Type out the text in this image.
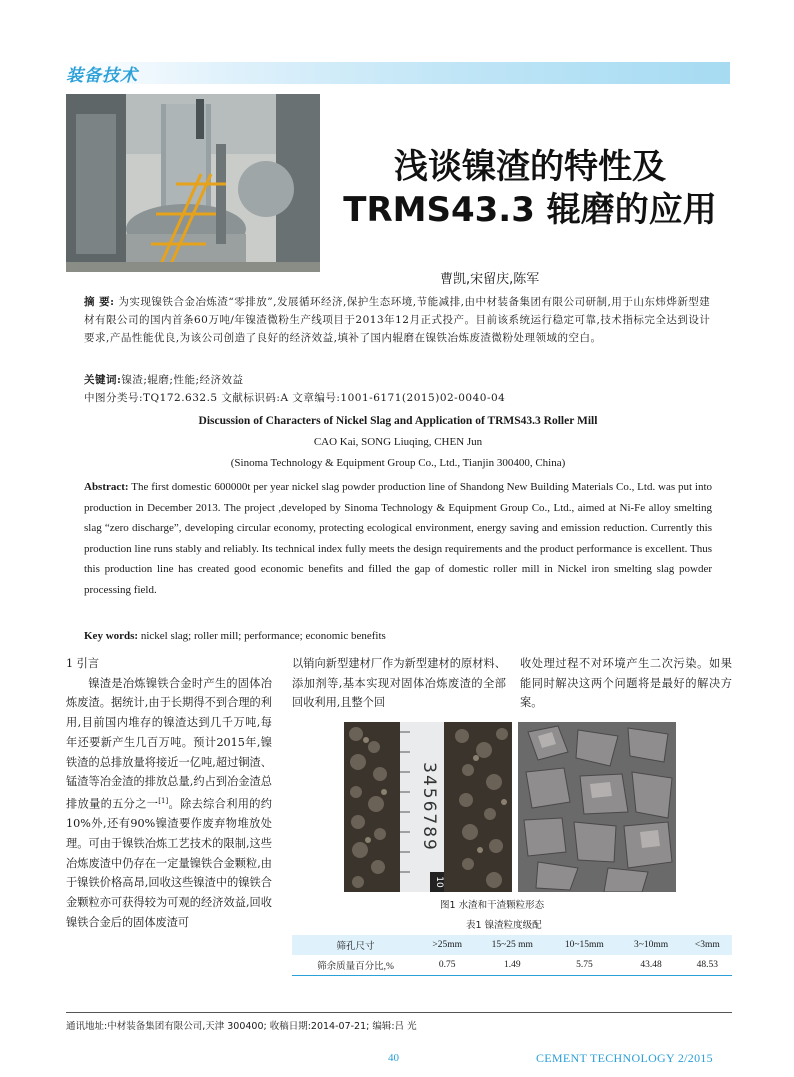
装备技术
浅谈镍渣的特性及
TRMS43.3 辊磨的应用
曹凯,宋留庆,陈军
摘 要: 为实现镍铁合金冶炼渣“零排放”,发展循环经济,保护生态环境,节能减排,由中材装备集团有限公司研制,用于山东炜烨新型建材有限公司的国内首条60万吨/年镍渣微粉生产线项目于2013年12月正式投产。目前该系统运行稳定可靠,技术指标完全达到设计要求,产品性能优良,为该公司创造了良好的经济效益,填补了国内辊磨在镍铁冶炼废渣微粉处理领域的空白。
关键词:镍渣;辊磨;性能;经济效益
中图分类号:TQ172.632.5 文献标识码:A 文章编号:1001-6171(2015)02-0040-04
Discussion of Characters of Nickel Slag and Application of TRMS43.3 Roller Mill
CAO Kai, SONG Liuqing, CHEN Jun
(Sinoma Technology & Equipment Group Co., Ltd., Tianjin 300400, China)
Abstract: The first domestic 600000t per year nickel slag powder production line of Shandong New Building Materials Co., Ltd. was put into production in December 2013. The project ,developed by Sinoma Technology & Equipment Group Co., Ltd., aimed at Ni-Fe alloy smelting slag “zero discharge”, developing circular economy, protecting ecological environment, energy saving and emission reduction. Currently this production line runs stably and reliably. Its technical index fully meets the design requirements and the product performance is excellent. Thus this production line has created good economic benefits and filled the gap of domestic roller mill in Nickel iron smelting slag powder processing field.
Key words: nickel slag; roller mill; performance; economic benefits
1 引言
镍渣是冶炼镍铁合金时产生的固体冶炼废渣。据统计,由于长期得不到合理的利用,目前国内堆存的镍渣达到几千万吨,每年还要新产生几百万吨。预计2015年,镍铁渣的总排放量将接近一亿吨,超过铜渣、锰渣等冶金渣的排放总量,约占到冶金渣总排放量的五分之一[1]。除去综合利用的约10%外,还有90%镍渣要作废弃物堆放处理。可由于镍铁冶炼工艺技术的限制,这些冶炼废渣中仍存在一定量镍铁合金颗粒,由于镍铁价格高昂,回收这些镍渣中的镍铁合金颗粒亦可获得较为可观的经济效益,回收镍铁合金后的固体废渣可
以销向新型建材厂作为新型建材的原材料、添加剂等,基本实现对固体冶炼废渣的全部回收利用,且整个回
收处理过程不对环境产生二次污染。如果能同时解决这两个问题将是最好的解决方案。
3456789
10
图1 水渣和干渣颗粒形态
表1 镍渣粒度级配
筛孔尺寸	>25mm	15~25 mm	10~15mm	3~10mm	<3mm
筛余质量百分比,%	0.75	1.49	5.75	43.48	48.53
通讯地址:中材装备集团有限公司,天津 300400; 收稿日期:2014-07-21; 编辑:吕 光
40	CEMENT TECHNOLOGY 2/2015
